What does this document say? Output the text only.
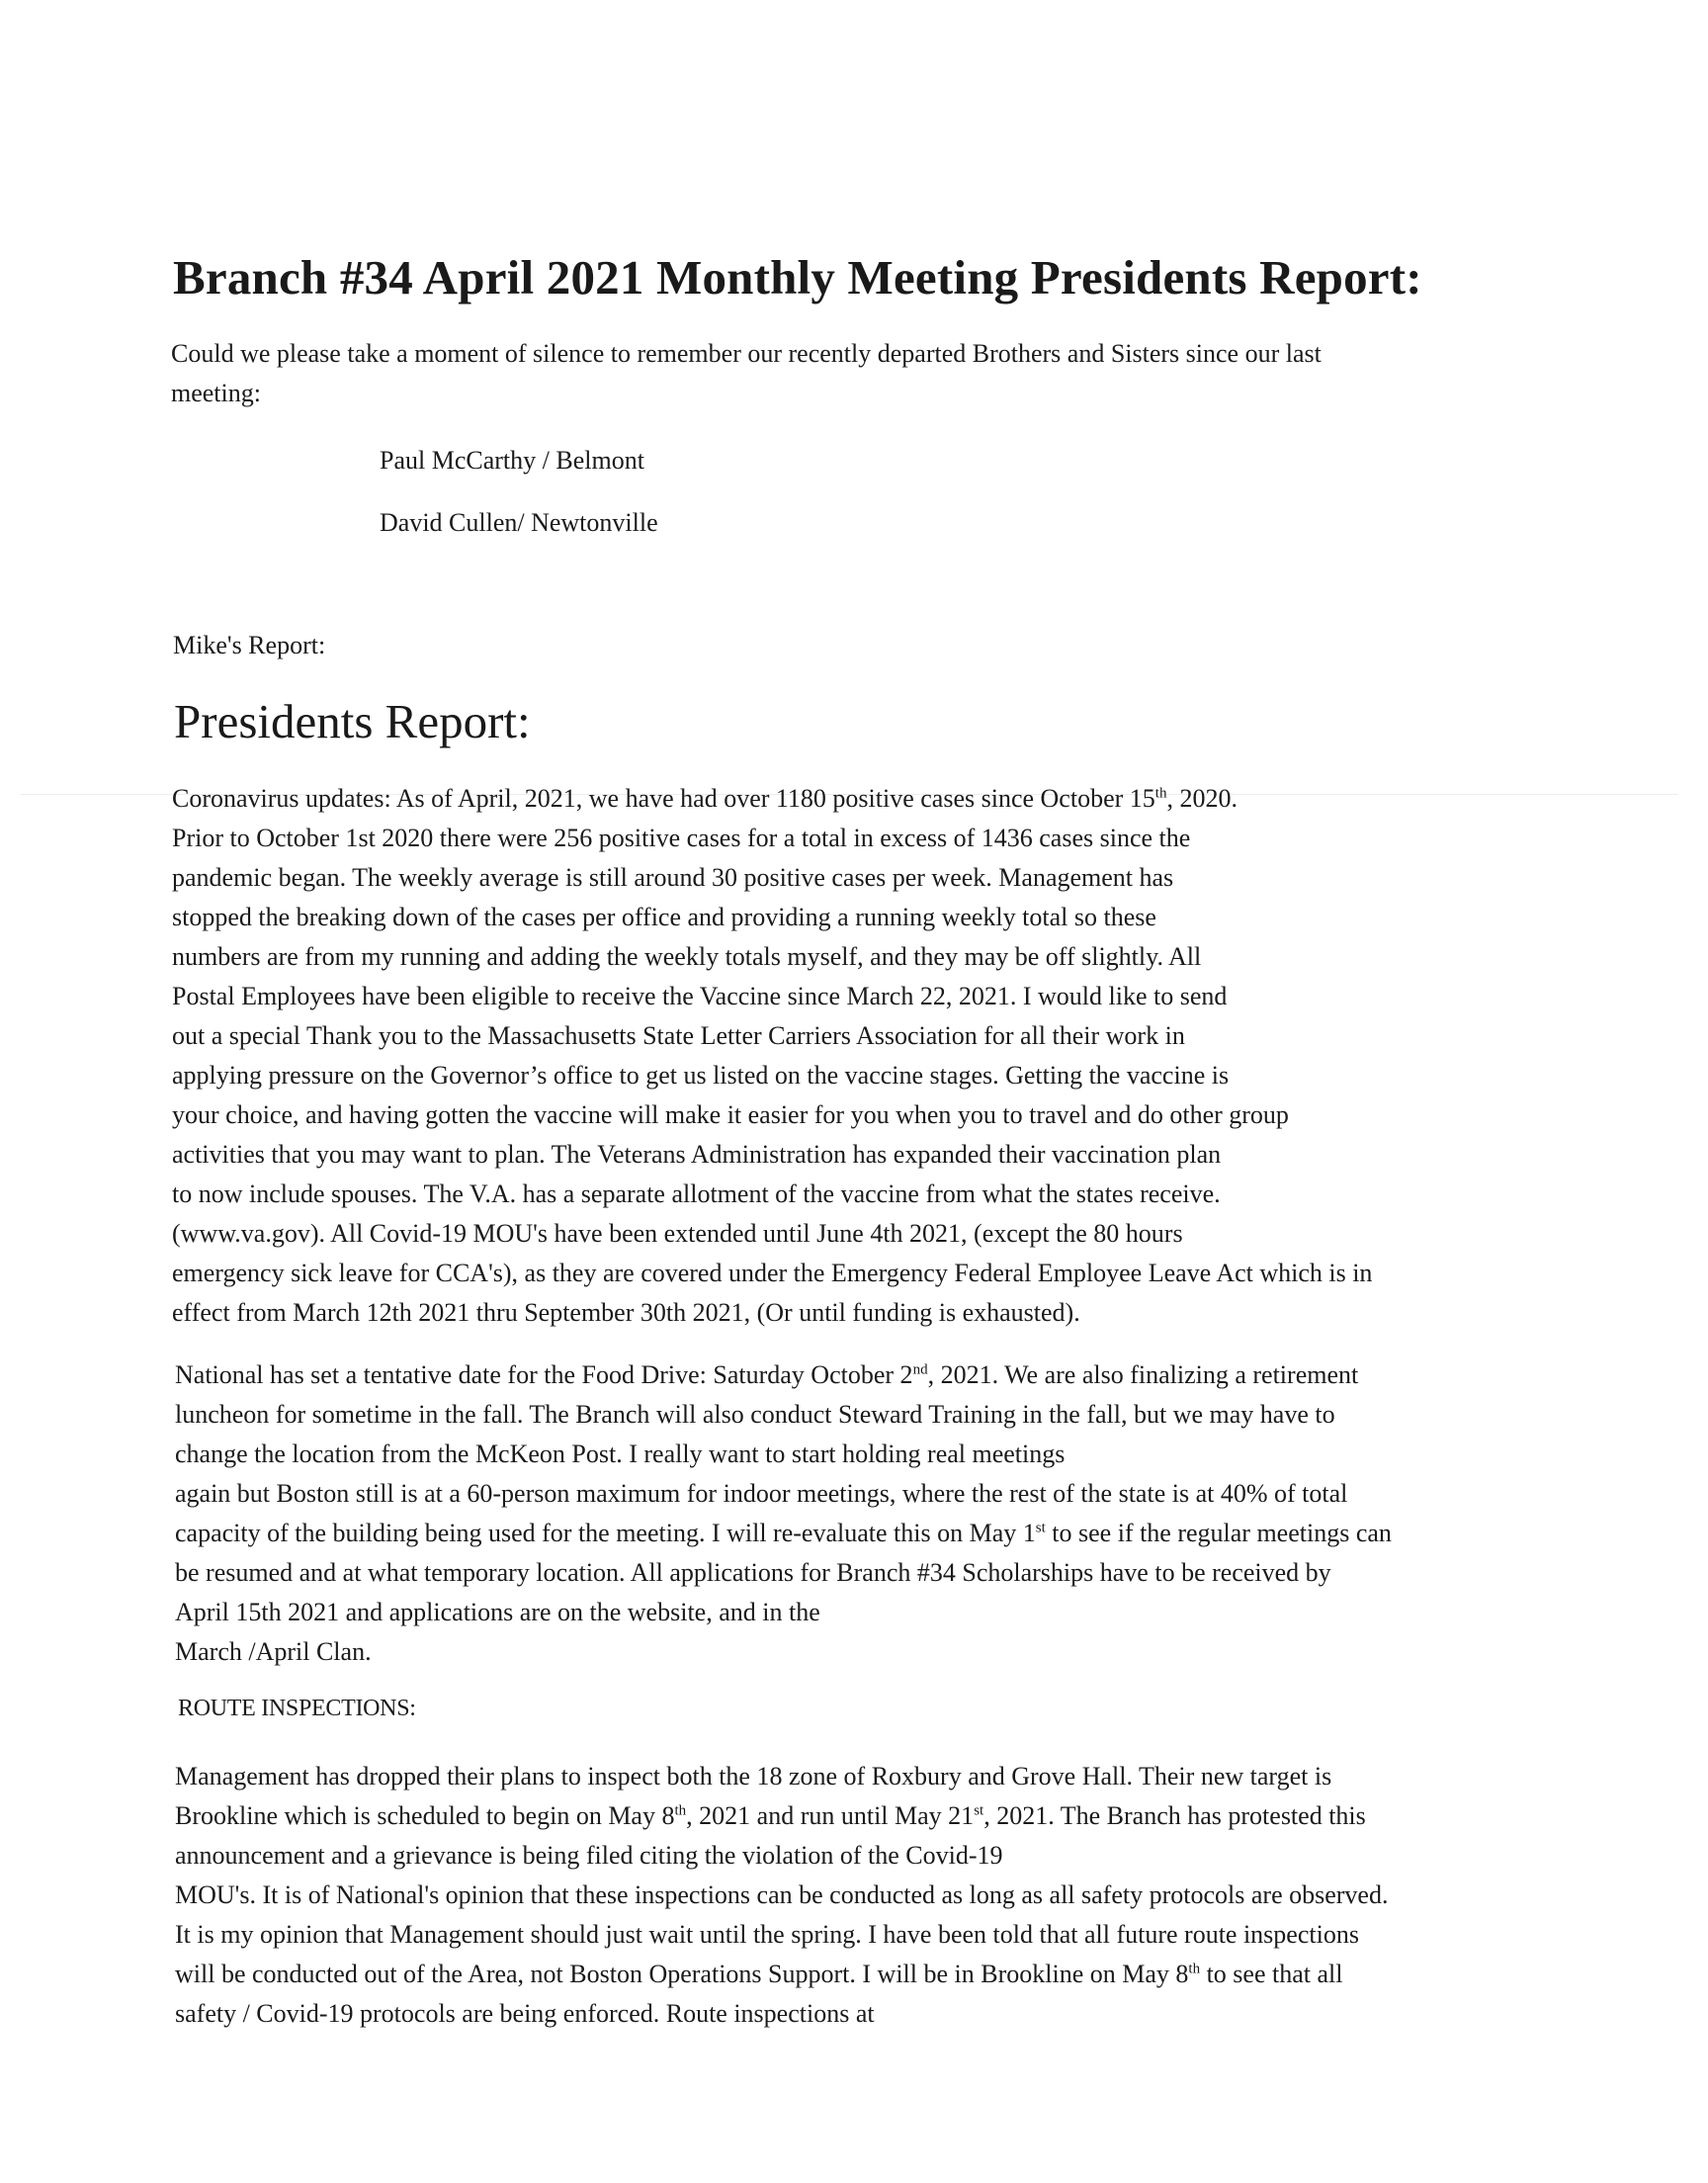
Branch #34 April 2021 Monthly Meeting Presidents Report:
Could we please take a moment of silence to remember our recently departed Brothers and Sisters since our last
meeting:
Paul McCarthy / Belmont
David Cullen/ Newtonville
Mike's Report:
Presidents Report:
Coronavirus updates: As of April, 2021, we have had over 1180 positive cases since October 15th, 2020.
Prior to October 1st 2020 there were 256 positive cases for a total in excess of 1436 cases since the
pandemic began. The weekly average is still around 30 positive cases per week. Management has
stopped the breaking down of the cases per office and providing a running weekly total so these
numbers are from my running and adding the weekly totals myself, and they may be off slightly. All
Postal Employees have been eligible to receive the Vaccine since March 22, 2021. I would like to send
out a special Thank you to the Massachusetts State Letter Carriers Association for all their work in
applying pressure on the Governor’s office to get us listed on the vaccine stages. Getting the vaccine is
your choice, and having gotten the vaccine will make it easier for you when you to travel and do other group
activities that you may want to plan. The Veterans Administration has expanded their vaccination plan
to now include spouses. The V.A. has a separate allotment of the vaccine from what the states receive.
(www.va.gov). All Covid-19 MOU's have been extended until June 4th 2021, (except the 80 hours
emergency sick leave for CCA's), as they are covered under the Emergency Federal Employee Leave Act which is in
effect from March 12th 2021 thru September 30th 2021, (Or until funding is exhausted).
National has set a tentative date for the Food Drive: Saturday October 2nd, 2021. We are also finalizing a retirement
luncheon for sometime in the fall. The Branch will also conduct Steward Training in the fall, but we may have to
change the location from the McKeon Post. I really want to start holding real meetings
again but Boston still is at a 60-person maximum for indoor meetings, where the rest of the state is at 40% of total
capacity of the building being used for the meeting. I will re-evaluate this on May 1st to see if the regular meetings can
be resumed and at what temporary location. All applications for Branch #34 Scholarships have to be received by
April 15th 2021 and applications are on the website, and in the
March /April Clan.
ROUTE INSPECTIONS:
Management has dropped their plans to inspect both the 18 zone of Roxbury and Grove Hall. Their new target is
Brookline which is scheduled to begin on May 8th, 2021 and run until May 21st, 2021. The Branch has protested this
announcement and a grievance is being filed citing the violation of the Covid-19
MOU's. It is of National's opinion that these inspections can be conducted as long as all safety protocols are observed.
It is my opinion that Management should just wait until the spring. I have been told that all future route inspections
will be conducted out of the Area, not Boston Operations Support. I will be in Brookline on May 8th to see that all
safety / Covid-19 protocols are being enforced. Route inspections at
